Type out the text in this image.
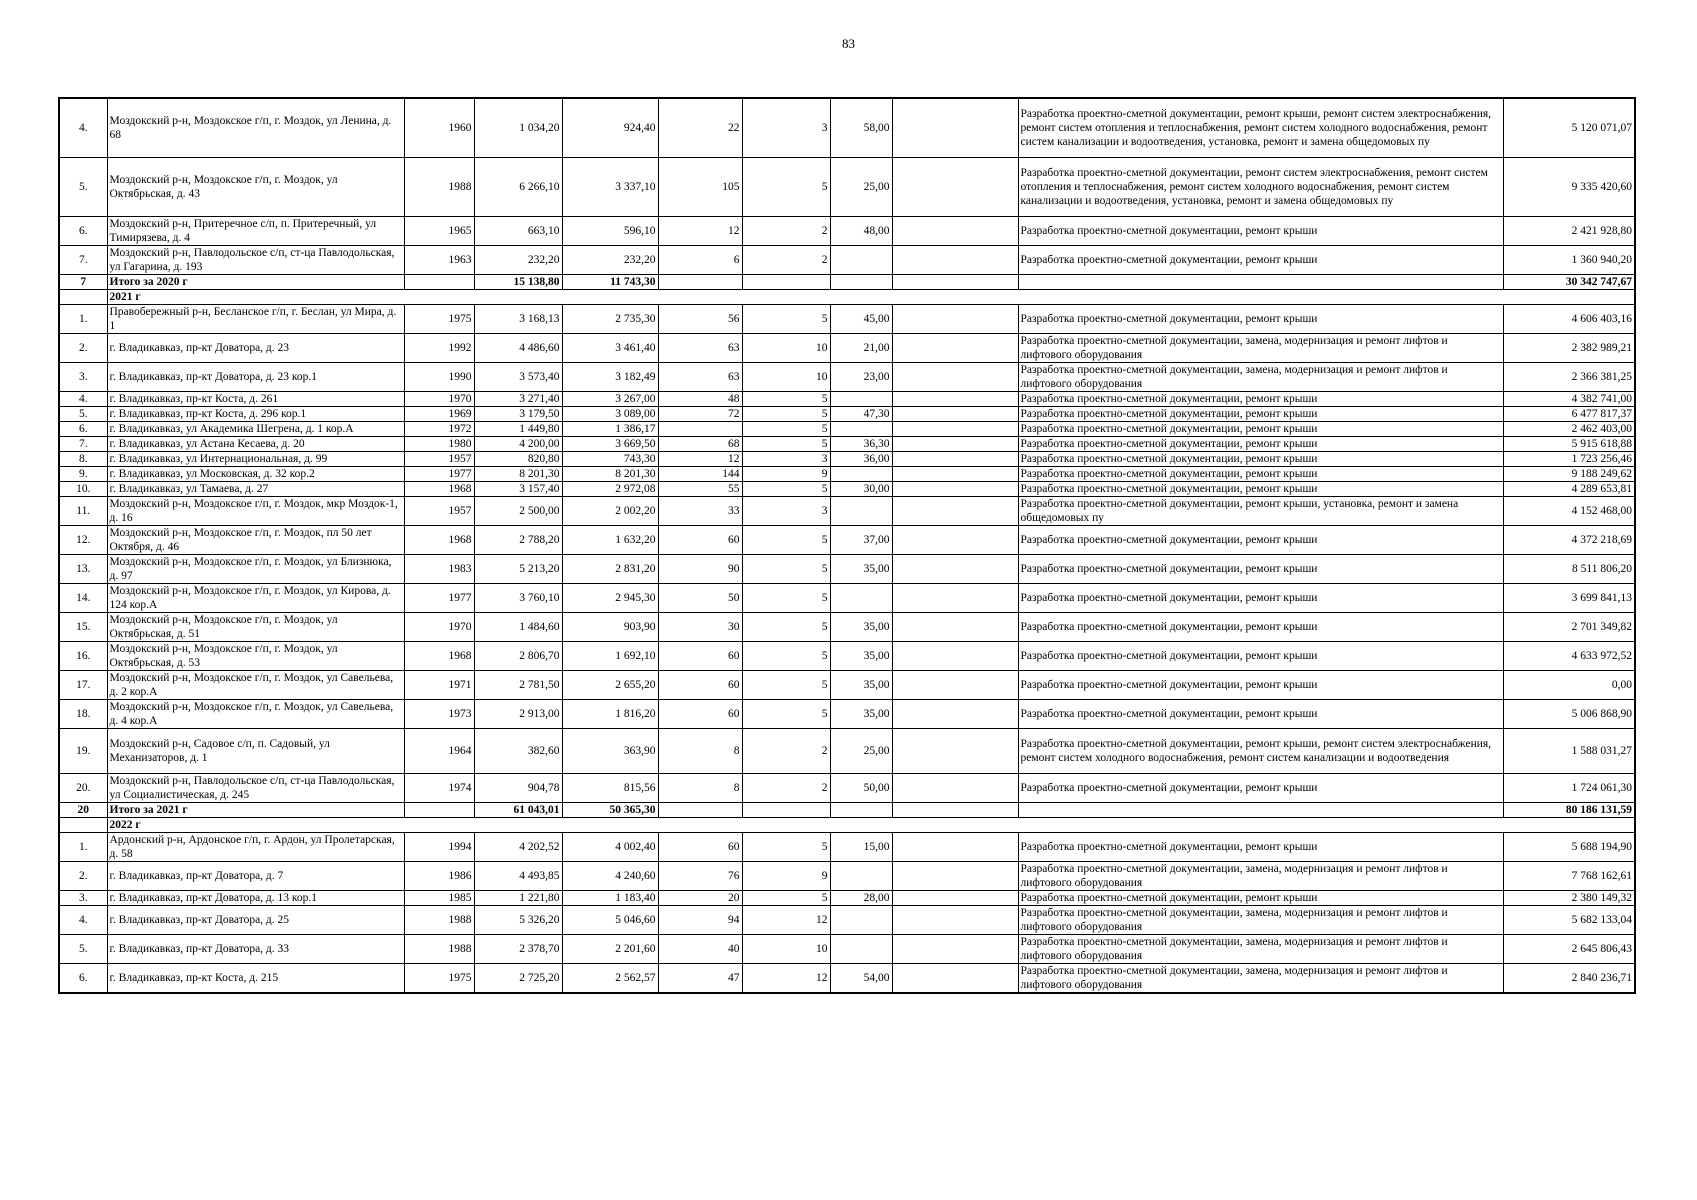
83
4.	Моздокский р-н, Моздокское г/п, г. Моздок, ул Ленина, д. 68	1960	1 034,20	924,40	22	3	58,00		Разработка проектно-сметной документации, ремонт крыши, ремонт систем электроснабжения, ремонт систем отопления и теплоснабжения, ремонт систем холодного водоснабжения, ремонт систем канализации и водоотведения, установка, ремонт и замена общедомовых пу	5 120 071,07
5.	Моздокский р-н, Моздокское г/п, г. Моздок, ул Октябрьская, д. 43	1988	6 266,10	3 337,10	105	5	25,00		Разработка проектно-сметной документации, ремонт систем электроснабжения, ремонт систем отопления и теплоснабжения, ремонт систем холодного водоснабжения, ремонт систем канализации и водоотведения, установка, ремонт и замена общедомовых пу	9 335 420,60
6.	Моздокский р-н, Притеречное с/п, п. Притеречный, ул Тимирязева, д. 4	1965	663,10	596,10	12	2	48,00		Разработка проектно-сметной документации, ремонт крыши	2 421 928,80
7.	Моздокский р-н, Павлодольское с/п, ст-ца Павлодольская, ул Гагарина, д. 193	1963	232,20	232,20	6	2			Разработка проектно-сметной документации, ремонт крыши	1 360 940,20
7	Итого за 2020 г		15 138,80	11 743,30						30 342 747,67
	2021 г									
1.	Правобережный р-н, Бесланское г/п, г. Беслан, ул Мира, д. 1	1975	3 168,13	2 735,30	56	5	45,00		Разработка проектно-сметной документации, ремонт крыши	4 606 403,16
2.	г. Владикавказ, пр-кт Доватора, д. 23	1992	4 486,60	3 461,40	63	10	21,00		Разработка проектно-сметной документации, замена, модернизация и ремонт лифтов и лифтового оборудования	2 382 989,21
3.	г. Владикавказ, пр-кт Доватора, д. 23 кор.1	1990	3 573,40	3 182,49	63	10	23,00		Разработка проектно-сметной документации, замена, модернизация и ремонт лифтов и лифтового оборудования	2 366 381,25
4.	г. Владикавказ, пр-кт Коста, д. 261	1970	3 271,40	3 267,00	48	5			Разработка проектно-сметной документации, ремонт крыши	4 382 741,00
5.	г. Владикавказ, пр-кт Коста, д. 296 кор.1	1969	3 179,50	3 089,00	72	5	47,30		Разработка проектно-сметной документации, ремонт крыши	6 477 817,37
6.	г. Владикавказ, ул Академика Шегрена, д. 1 кор.А	1972	1 449,80	1 386,17		5			Разработка проектно-сметной документации, ремонт крыши	2 462 403,00
7.	г. Владикавказ, ул Астана Кесаева, д. 20	1980	4 200,00	3 669,50	68	5	36,30		Разработка проектно-сметной документации, ремонт крыши	5 915 618,88
8.	г. Владикавказ, ул Интернациональная, д. 99	1957	820,80	743,30	12	3	36,00		Разработка проектно-сметной документации, ремонт крыши	1 723 256,46
9.	г. Владикавказ, ул Московская, д. 32 кор.2	1977	8 201,30	8 201,30	144	9			Разработка проектно-сметной документации, ремонт крыши	9 188 249,62
10.	г. Владикавказ, ул Тамаева, д. 27	1968	3 157,40	2 972,08	55	5	30,00		Разработка проектно-сметной документации, ремонт крыши	4 289 653,81
11.	Моздокский р-н, Моздокское г/п, г. Моздок, мкр Моздок-1, д. 16	1957	2 500,00	2 002,20	33	3			Разработка проектно-сметной документации, ремонт крыши, установка, ремонт и замена общедомовых пу	4 152 468,00
12.	Моздокский р-н, Моздокское г/п, г. Моздок, пл 50 лет Октября, д. 46	1968	2 788,20	1 632,20	60	5	37,00		Разработка проектно-сметной документации, ремонт крыши	4 372 218,69
13.	Моздокский р-н, Моздокское г/п, г. Моздок, ул Близнюка, д. 97	1983	5 213,20	2 831,20	90	5	35,00		Разработка проектно-сметной документации, ремонт крыши	8 511 806,20
14.	Моздокский р-н, Моздокское г/п, г. Моздок, ул Кирова, д. 124 кор.А	1977	3 760,10	2 945,30	50	5			Разработка проектно-сметной документации, ремонт крыши	3 699 841,13
15.	Моздокский р-н, Моздокское г/п, г. Моздок, ул Октябрьская, д. 51	1970	1 484,60	903,90	30	5	35,00		Разработка проектно-сметной документации, ремонт крыши	2 701 349,82
16.	Моздокский р-н, Моздокское г/п, г. Моздок, ул Октябрьская, д. 53	1968	2 806,70	1 692,10	60	5	35,00		Разработка проектно-сметной документации, ремонт крыши	4 633 972,52
17.	Моздокский р-н, Моздокское г/п, г. Моздок, ул Савельева, д. 2 кор.А	1971	2 781,50	2 655,20	60	5	35,00		Разработка проектно-сметной документации, ремонт крыши	0,00
18.	Моздокский р-н, Моздокское г/п, г. Моздок, ул Савельева, д. 4 кор.А	1973	2 913,00	1 816,20	60	5	35,00		Разработка проектно-сметной документации, ремонт крыши	5 006 868,90
19.	Моздокский р-н, Садовое с/п, п. Садовый, ул Механизаторов, д. 1	1964	382,60	363,90	8	2	25,00		Разработка проектно-сметной документации, ремонт крыши, ремонт систем электроснабжения, ремонт систем холодного водоснабжения, ремонт систем канализации и водоотведения	1 588 031,27
20.	Моздокский р-н, Павлодольское с/п, ст-ца Павлодольская, ул Социалистическая, д. 245	1974	904,78	815,56	8	2	50,00		Разработка проектно-сметной документации, ремонт крыши	1 724 061,30
20	Итого за 2021 г		61 043,01	50 365,30						80 186 131,59
	2022 г									
1.	Ардонский р-н, Ардонское г/п, г. Ардон, ул Пролетарская, д. 58	1994	4 202,52	4 002,40	60	5	15,00		Разработка проектно-сметной документации, ремонт крыши	5 688 194,90
2.	г. Владикавказ, пр-кт Доватора, д. 7	1986	4 493,85	4 240,60	76	9			Разработка проектно-сметной документации, замена, модернизация и ремонт лифтов и лифтового оборудования	7 768 162,61
3.	г. Владикавказ, пр-кт Доватора, д. 13 кор.1	1985	1 221,80	1 183,40	20	5	28,00		Разработка проектно-сметной документации, ремонт крыши	2 380 149,32
4.	г. Владикавказ, пр-кт Доватора, д. 25	1988	5 326,20	5 046,60	94	12			Разработка проектно-сметной документации, замена, модернизация и ремонт лифтов и лифтового оборудования	5 682 133,04
5.	г. Владикавказ, пр-кт Доватора, д. 33	1988	2 378,70	2 201,60	40	10			Разработка проектно-сметной документации, замена, модернизация и ремонт лифтов и лифтового оборудования	2 645 806,43
6.	г. Владикавказ, пр-кт Коста, д. 215	1975	2 725,20	2 562,57	47	12	54,00		Разработка проектно-сметной документации, замена, модернизация и ремонт лифтов и лифтового оборудования	2 840 236,71
